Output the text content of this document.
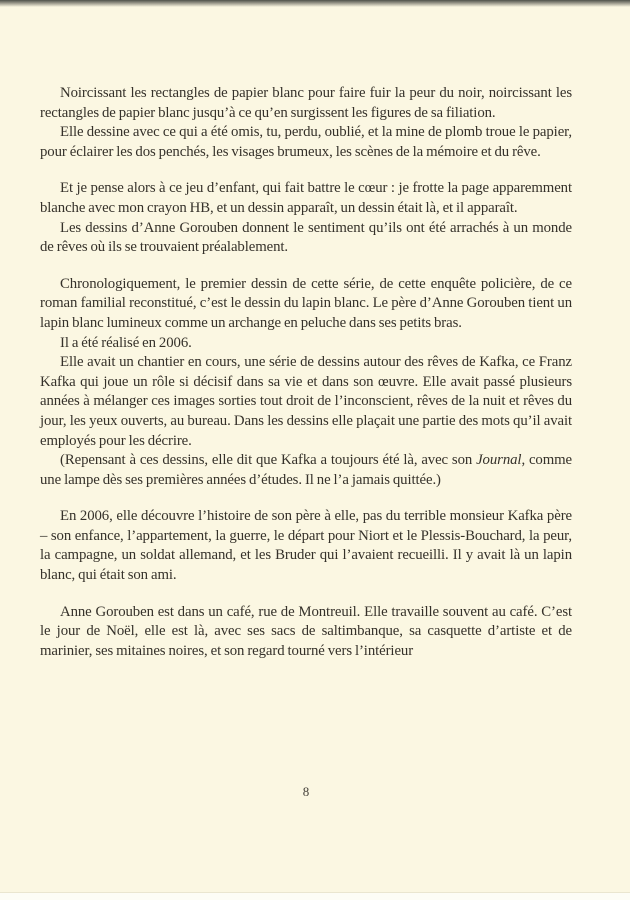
Noircissant les rectangles de papier blanc pour faire fuir la peur du noir, noircissant les rectangles de papier blanc jusqu’à ce qu’en surgissent les figures de sa filiation.

Elle dessine avec ce qui a été omis, tu, perdu, oublié, et la mine de plomb troue le papier, pour éclairer les dos penchés, les visages brumeux, les scènes de la mémoire et du rêve.

Et je pense alors à ce jeu d’enfant, qui fait battre le cœur : je frotte la page apparemment blanche avec mon crayon HB, et un dessin apparaît, un dessin était là, et il apparaît.

Les dessins d’Anne Gorouben donnent le sentiment qu’ils ont été arrachés à un monde de rêves où ils se trouvaient préalablement.

Chronologiquement, le premier dessin de cette série, de cette enquête policière, de ce roman familial reconstitué, c’est le dessin du lapin blanc. Le père d’Anne Gorouben tient un lapin blanc lumineux comme un archange en peluche dans ses petits bras.

Il a été réalisé en 2006.

Elle avait un chantier en cours, une série de dessins autour des rêves de Kafka, ce Franz Kafka qui joue un rôle si décisif dans sa vie et dans son œuvre. Elle avait passé plusieurs années à mélanger ces images sorties tout droit de l’inconscient, rêves de la nuit et rêves du jour, les yeux ouverts, au bureau. Dans les dessins elle plaçait une partie des mots qu’il avait employés pour les décrire.

(Repensant à ces dessins, elle dit que Kafka a toujours été là, avec son Journal, comme une lampe dès ses premières années d’études. Il ne l’a jamais quittée.)

En 2006, elle découvre l’histoire de son père à elle, pas du terrible monsieur Kafka père – son enfance, l’appartement, la guerre, le départ pour Niort et le Plessis-Bouchard, la peur, la campagne, un soldat allemand, et les Bruder qui l’avaient recueilli. Il y avait là un lapin blanc, qui était son ami.

Anne Gorouben est dans un café, rue de Montreuil. Elle travaille souvent au café. C’est le jour de Noël, elle est là, avec ses sacs de saltimbanque, sa casquette d’artiste et de marinier, ses mitaines noires, et son regard tourné vers l’intérieur

8
